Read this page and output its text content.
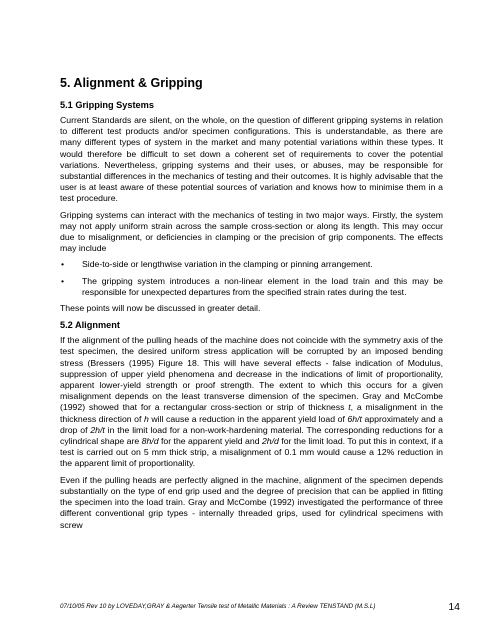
5. Alignment & Gripping
5.1 Gripping Systems

Current Standards are silent, on the whole, on the question of different gripping systems in relation to different test products and/or specimen configurations. This is understandable, as there are many different types of system in the market and many potential variations within these types. It would therefore be difficult to set down a coherent set of requirements to cover the potential variations. Nevertheless, gripping systems and their uses, or abuses, may be responsible for substantial differences in the mechanics of testing and their outcomes. It is highly advisable that the user is at least aware of these potential sources of variation and knows how to minimise them in a test procedure.

Gripping systems can interact with the mechanics of testing in two major ways. Firstly, the system may not apply uniform strain across the sample cross-section or along its length. This may occur due to misalignment, or deficiencies in clamping or the precision of grip components. The effects may include

• Side-to-side or lengthwise variation in the clamping or pinning arrangement.
• The gripping system introduces a non-linear element in the load train and this may be responsible for unexpected departures from the specified strain rates during the test.

These points will now be discussed in greater detail.

5.2 Alignment

If the alignment of the pulling heads of the machine does not coincide with the symmetry axis of the test specimen, the desired uniform stress application will be corrupted by an imposed bending stress (Bressers (1995) Figure 18. This will have several effects - false indication of Modulus, suppression of upper yield phenomena and decrease in the indications of limit of proportionality, apparent lower-yield strength or proof strength. The extent to which this occurs for a given misalignment depends on the least transverse dimension of the specimen. Gray and McCombe (1992) showed that for a rectangular cross-section or strip of thickness t, a misalignment in the thickness direction of h will cause a reduction in the apparent yield load of 6h/t approximately and a drop of 2h/t in the limit load for a non-work-hardening material. The corresponding reductions for a cylindrical shape are 8h/d for the apparent yield and 2h/d for the limit load. To put this in context, if a test is carried out on 5 mm thick strip, a misalignment of 0.1 mm would cause a 12% reduction in the apparent limit of proportionality.

Even if the pulling heads are perfectly aligned in the machine, alignment of the specimen depends substantially on the type of end grip used and the degree of precision that can be applied in fitting the specimen into the load train. Gray and McCombe (1992) investigated the performance of three different conventional grip types - internally threaded grips, used for cylindrical specimens with screw

07/10/05 Rev 10 by LOVEDAY,GRAY & Aegerter Tensile test of Metallic Materials : A Review TENSTAND (M.S.L)	14
